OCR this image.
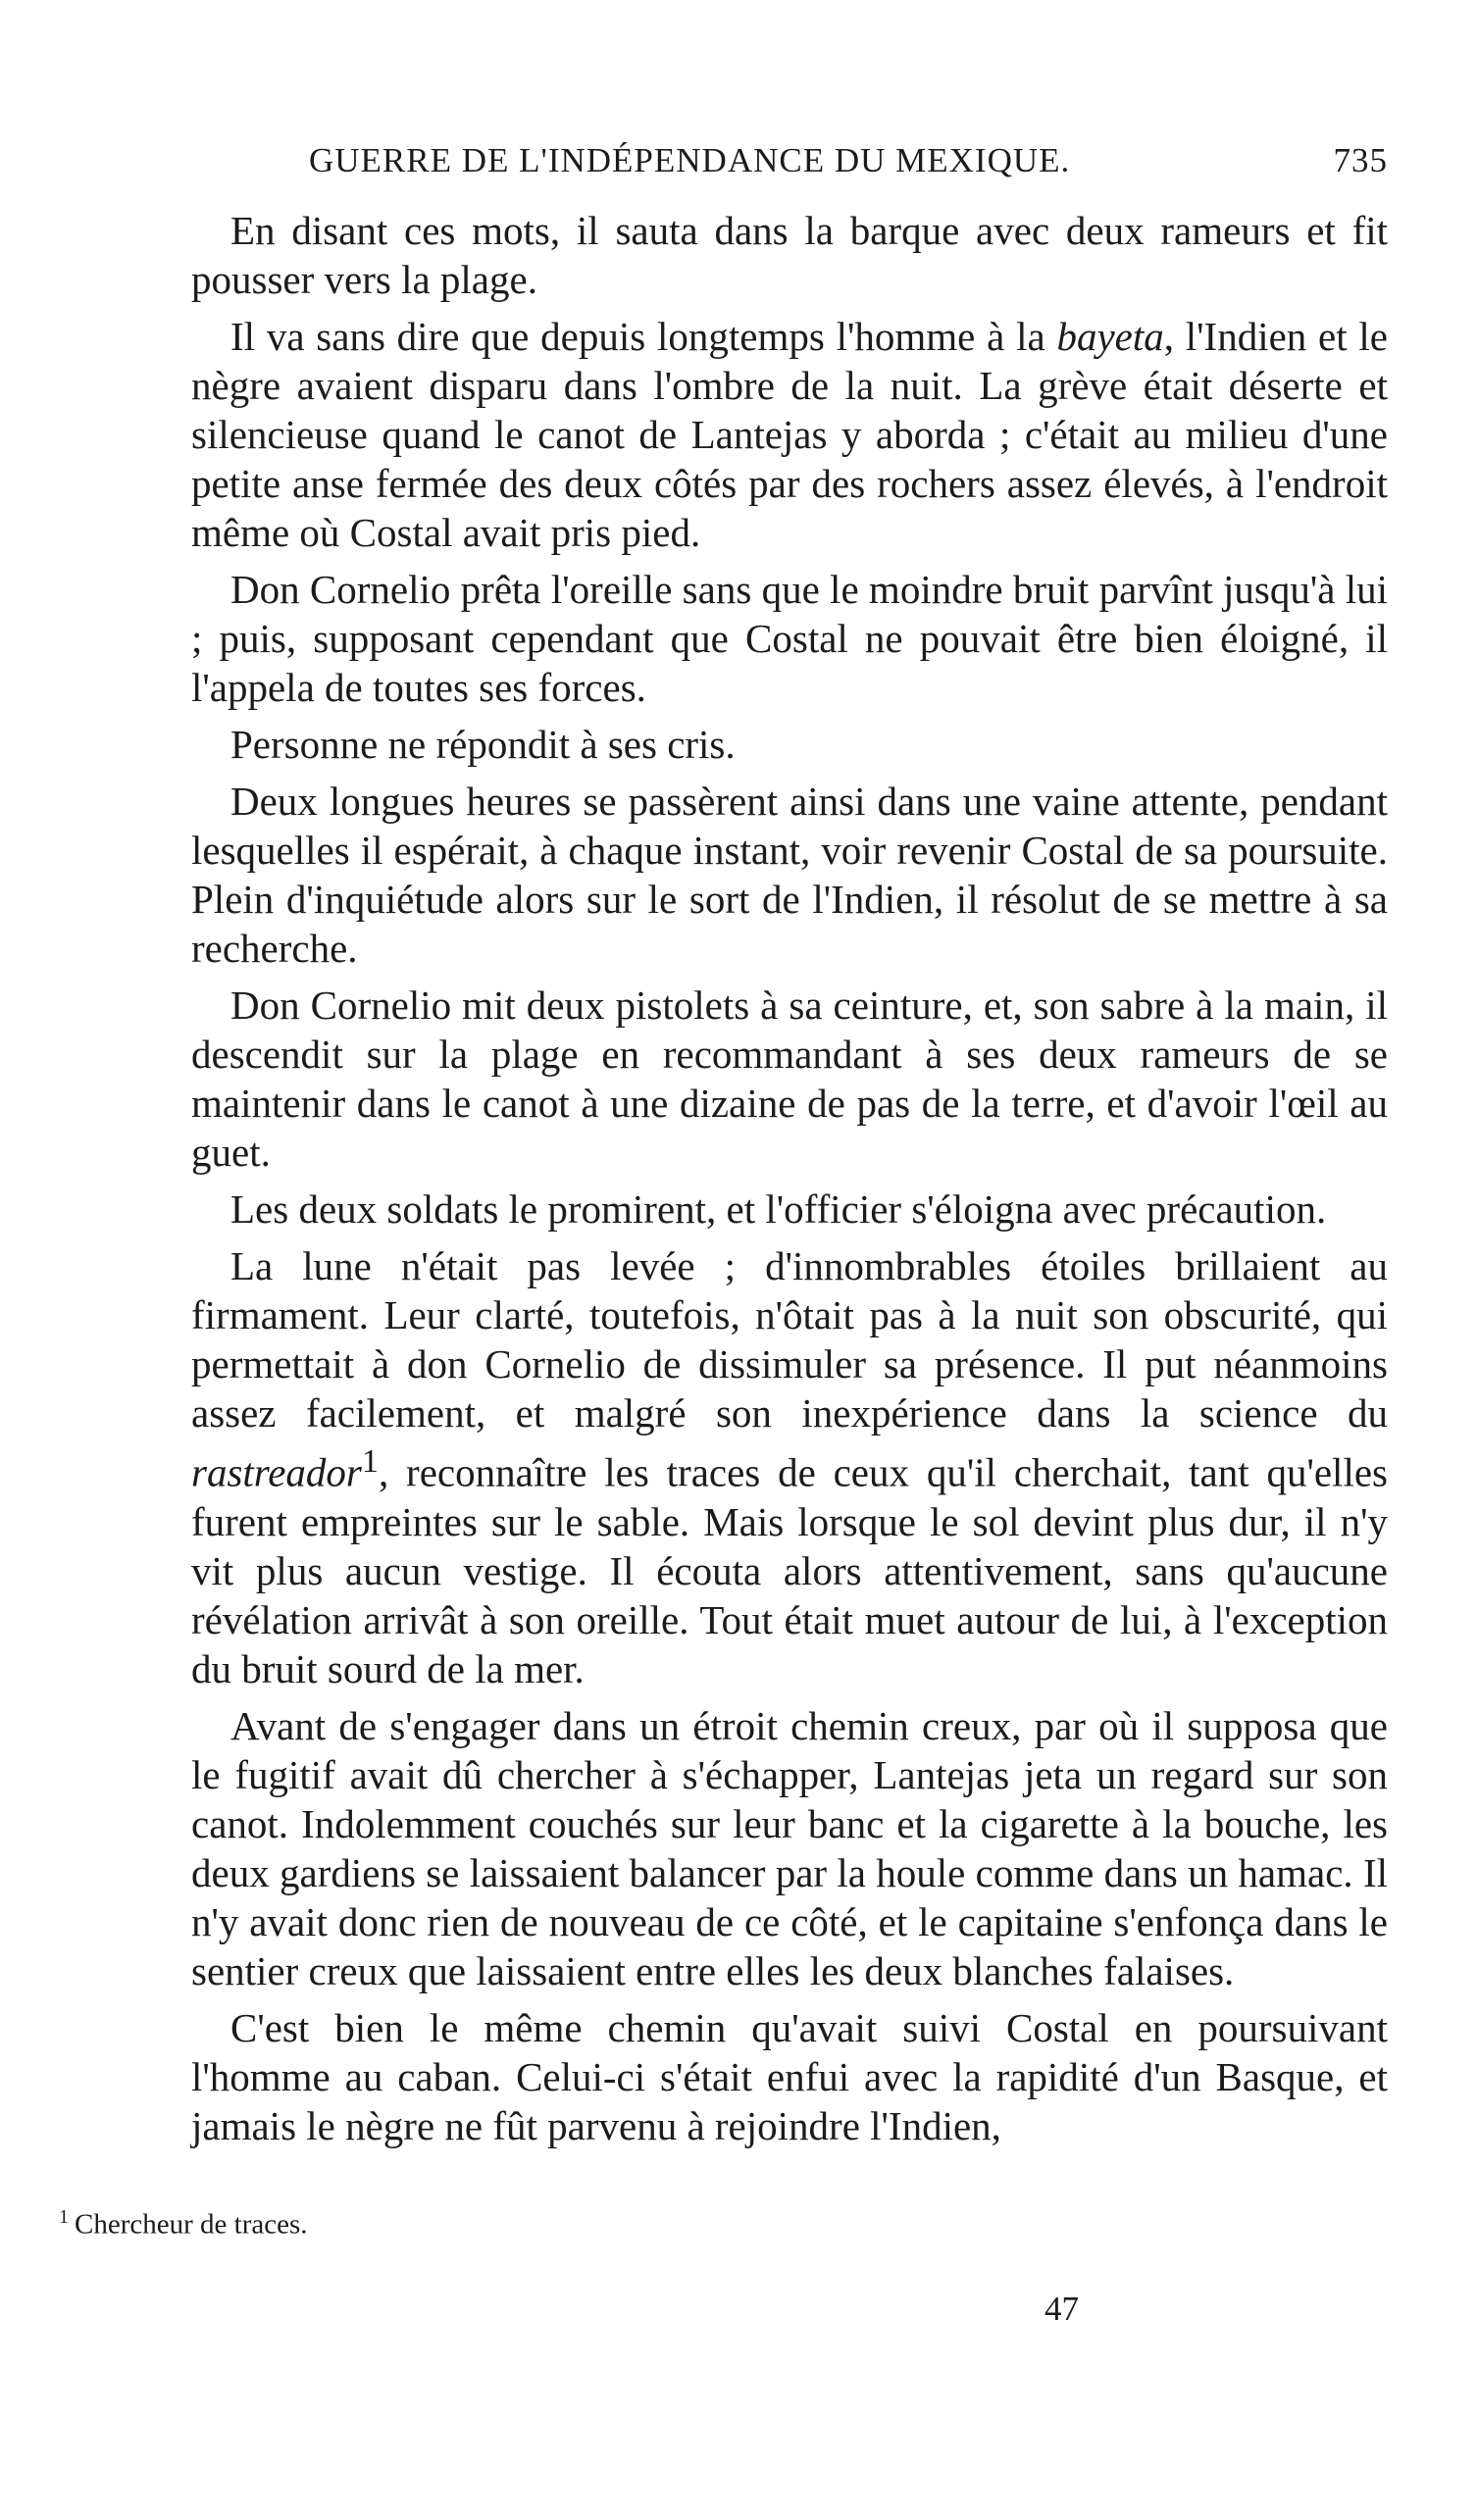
GUERRE DE L'INDÉPENDANCE DU MEXIQUE.	735

En disant ces mots, il sauta dans la barque avec deux rameurs et fit pousser vers la plage.

Il va sans dire que depuis longtemps l'homme à la bayeta, l'Indien et le nègre avaient disparu dans l'ombre de la nuit. La grève était déserte et silencieuse quand le canot de Lantejas y aborda ; c'était au milieu d'une petite anse fermée des deux côtés par des rochers assez élevés, à l'endroit même où Costal avait pris pied.

Don Cornelio prêta l'oreille sans que le moindre bruit parvînt jusqu'à lui ; puis, supposant cependant que Costal ne pouvait être bien éloigné, il l'appela de toutes ses forces.

Personne ne répondit à ses cris.

Deux longues heures se passèrent ainsi dans une vaine attente, pendant lesquelles il espérait, à chaque instant, voir revenir Costal de sa poursuite. Plein d'inquiétude alors sur le sort de l'Indien, il résolut de se mettre à sa recherche.

Don Cornelio mit deux pistolets à sa ceinture, et, son sabre à la main, il descendit sur la plage en recommandant à ses deux rameurs de se maintenir dans le canot à une dizaine de pas de la terre, et d'avoir l'œil au guet.

Les deux soldats le promirent, et l'officier s'éloigna avec précaution.

La lune n'était pas levée ; d'innombrables étoiles brillaient au firmament. Leur clarté, toutefois, n'ôtait pas à la nuit son obscurité, qui permettait à don Cornelio de dissimuler sa présence. Il put néanmoins assez facilement, et malgré son inexpérience dans la science du rastreador$^1$, reconnaître les traces de ceux qu'il cherchait, tant qu'elles furent empreintes sur le sable. Mais lorsque le sol devint plus dur, il n'y vit plus aucun vestige. Il écouta alors attentivement, sans qu'aucune révélation arrivât à son oreille. Tout était muet autour de lui, à l'exception du bruit sourd de la mer.

Avant de s'engager dans un étroit chemin creux, par où il supposa que le fugitif avait dû chercher à s'échapper, Lantejas jeta un regard sur son canot. Indolemment couchés sur leur banc et la cigarette à la bouche, les deux gardiens se laissaient balancer par la houle comme dans un hamac. Il n'y avait donc rien de nouveau de ce côté, et le capitaine s'enfonça dans le sentier creux que laissaient entre elles les deux blanches falaises.

C'est bien le même chemin qu'avait suivi Costal en poursuivant l'homme au caban. Celui-ci s'était enfui avec la rapidité d'un Basque, et jamais le nègre ne fût parvenu à rejoindre l'Indien,

$^1$ Chercheur de traces.
47
